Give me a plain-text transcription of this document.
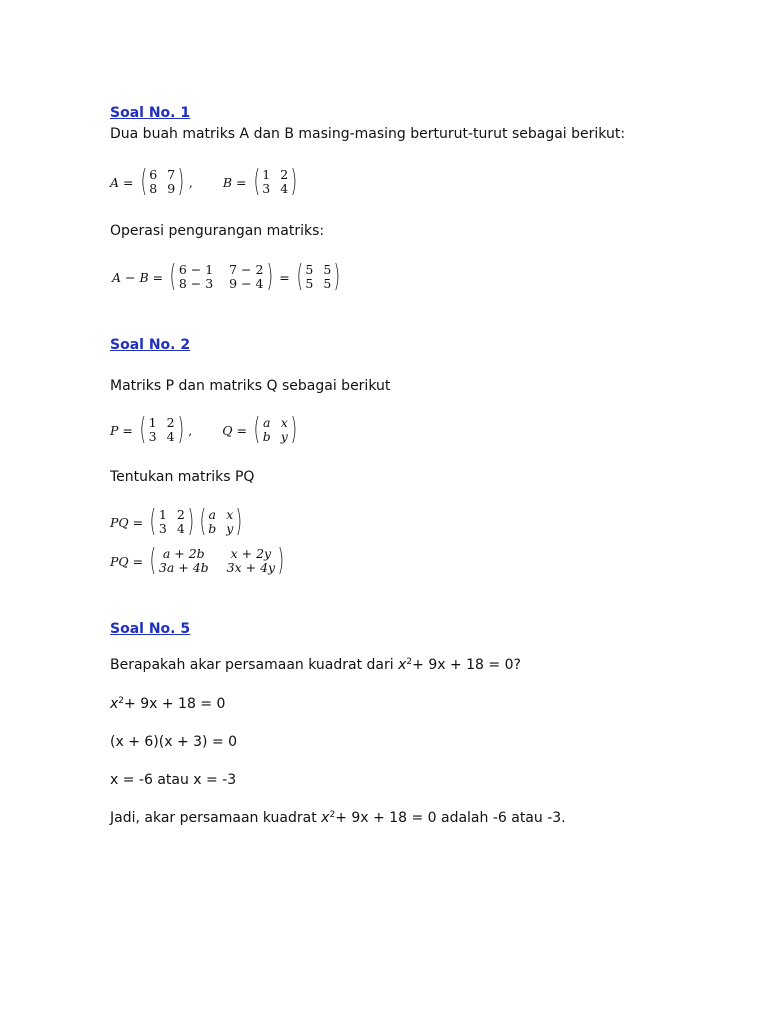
Soal No. 1
Dua buah matriks A dan B masing-masing berturut-turut sebagai berikut:
A = ( 6 7
8 9 ) , B = ( 1 2
3 4 )
Operasi pengurangan matriks:
A − B = ( 6 − 1 7 − 2
8 − 3 9 − 4 ) = ( 5 5
5 5 )
Soal No. 2
Matriks P dan matriks Q sebagai berikut
P = ( 1 2
3 4 ) , Q = ( a x
b y )
Tentukan matriks PQ
PQ = ( 1 2
3 4 ) ( a x
b y )
PQ = ( a + 2b	x + 2y
3a + 4b 3x + 4y )
Soal No. 5
Berapakah akar persamaan kuadrat dari $x^2+ 9x + 18 = 0$?
$x^2+ 9x + 18 = 0$
(x + 6)(x + 3) = 0
x = -6 atau x = -3
Jadi, akar persamaan kuadrat $x^2+ 9x + 18 = 0$ adalah -6 atau -3.
